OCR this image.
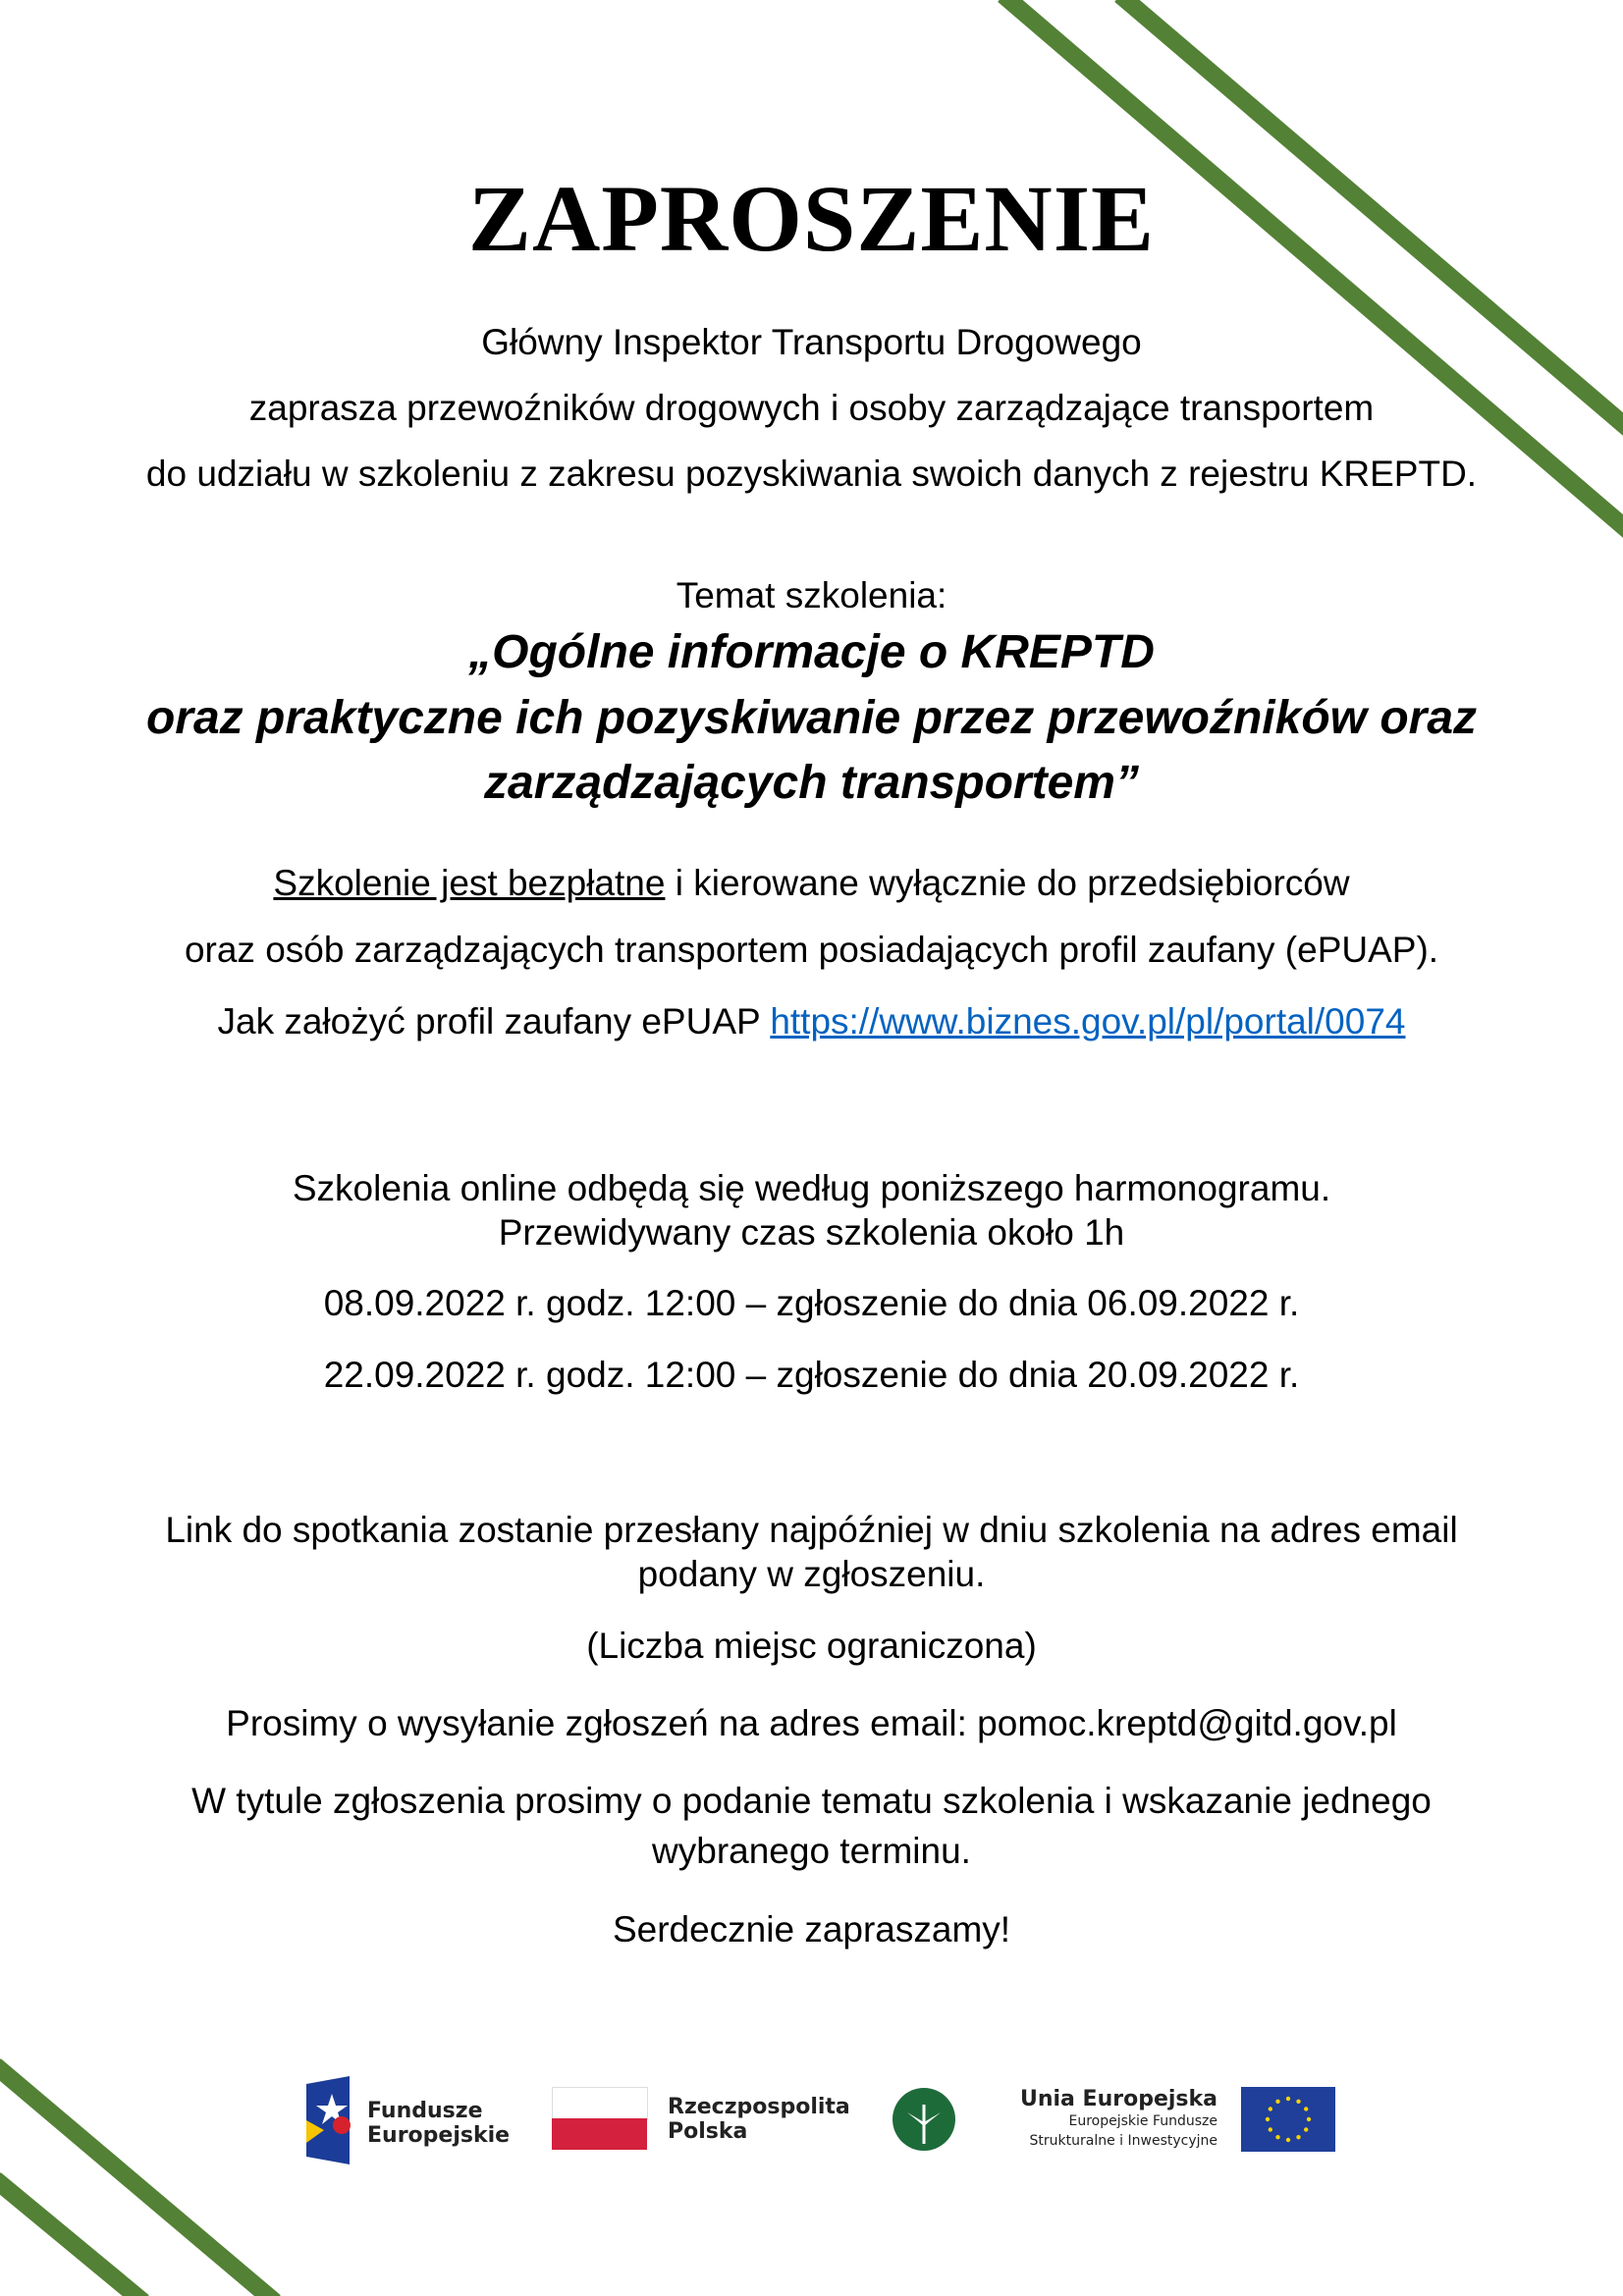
ZAPROSZENIE
Główny Inspektor Transportu Drogowego
zaprasza przewoźników drogowych i osoby zarządzające transportem
do udziału w szkoleniu z zakresu pozyskiwania swoich danych z rejestru KREPTD.
Temat szkolenia:
„Ogólne informacje o KREPTD
oraz praktyczne ich pozyskiwanie przez przewoźników oraz
zarządzających transportem”
Szkolenie jest bezpłatne i kierowane wyłącznie do przedsiębiorców
oraz osób zarządzających transportem posiadających profil zaufany (ePUAP).
Jak założyć profil zaufany ePUAP https://www.biznes.gov.pl/pl/portal/0074
Szkolenia online odbędą się według poniższego harmonogramu.
Przewidywany czas szkolenia około 1h
08.09.2022 r. godz. 12:00 – zgłoszenie do dnia 06.09.2022 r.
22.09.2022 r. godz. 12:00 – zgłoszenie do dnia 20.09.2022 r.
Link do spotkania zostanie przesłany najpóźniej w dniu szkolenia na adres email
podany w zgłoszeniu.
(Liczba miejsc ograniczona)
Prosimy o wysyłanie zgłoszeń na adres email: pomoc.kreptd@gitd.gov.pl
W tytule zgłoszenia prosimy o podanie tematu szkolenia i wskazanie jednego
wybranego terminu.
Serdecznie zapraszamy!
Fundusze
Europejskie
Rzeczpospolita
Polska
Unia Europejska
Europejskie Fundusze
Strukturalne i Inwestycyjne
